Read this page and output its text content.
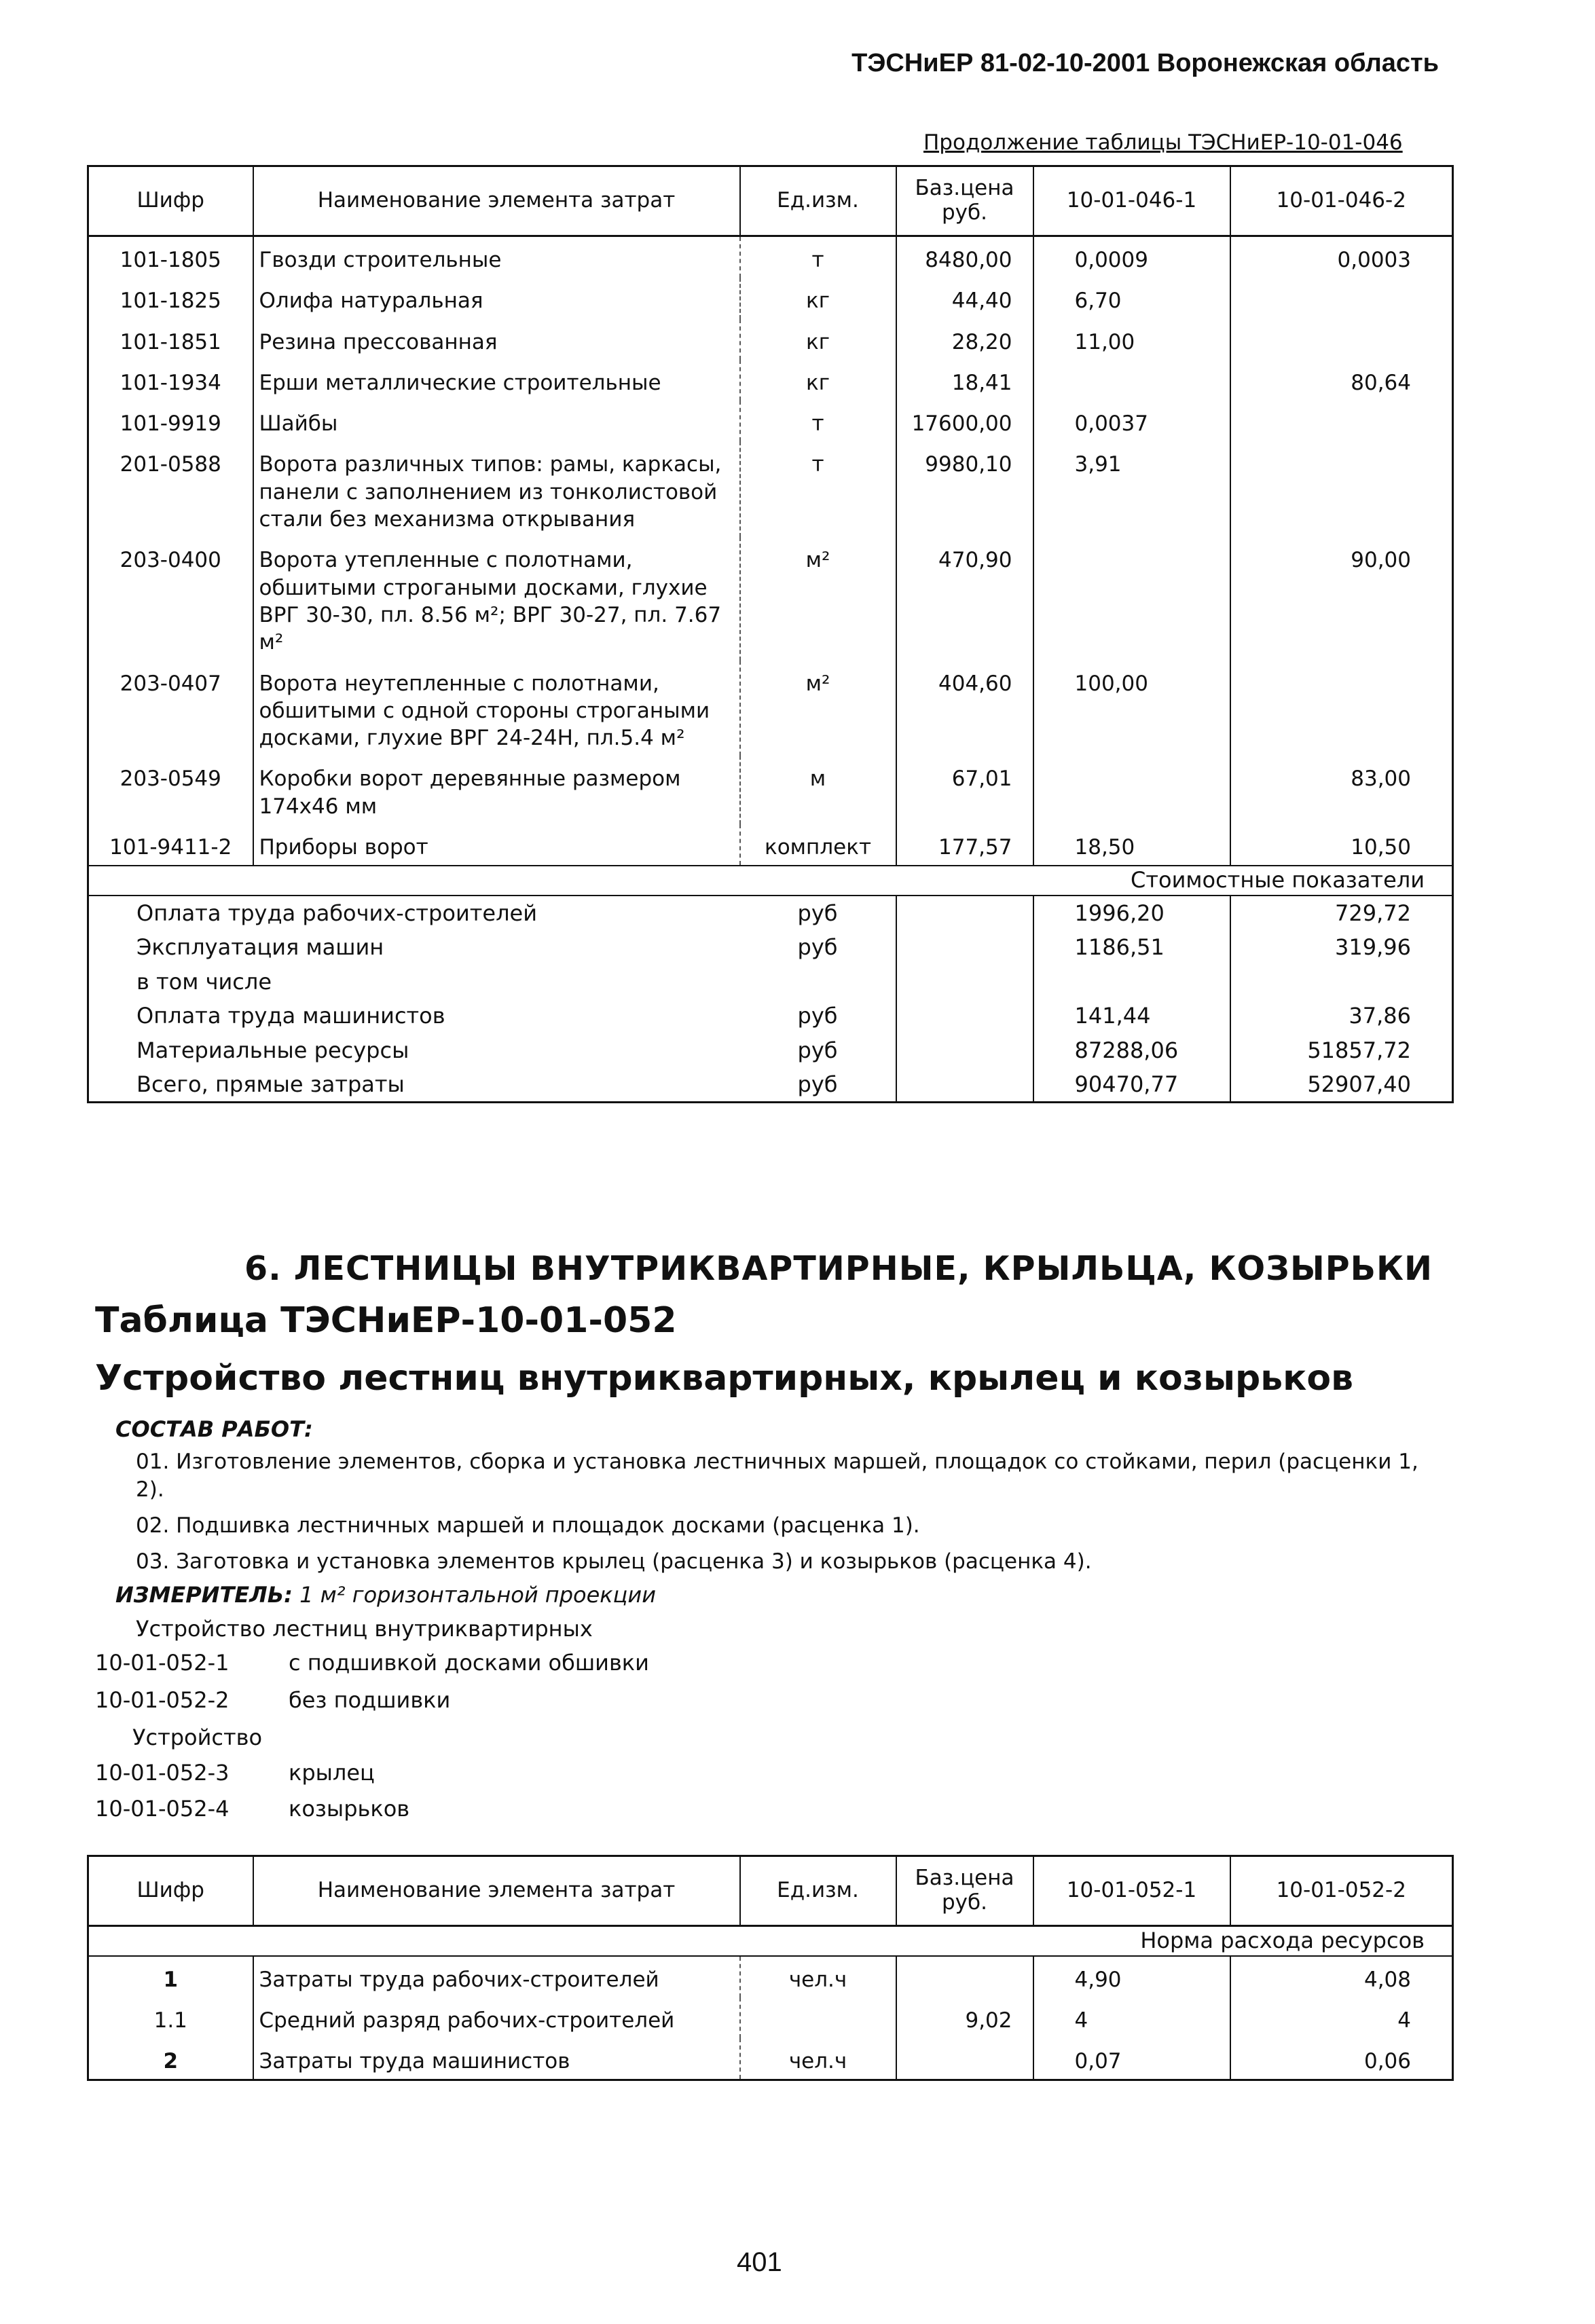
ТЭСНиЕР 81-02-10-2001 Воронежская область
Продолжение таблицы ТЭСНиЕР-10-01-046
Шифр	Наименование элемента затрат	Ед.изм.	Баз.цена руб.	10-01-046-1	10-01-046-2
101-1805	Гвозди строительные	т	8480,00	0,0009	0,0003
101-1825	Олифа натуральная	кг	44,40	6,70	
101-1851	Резина прессованная	кг	28,20	11,00	
101-1934	Ерши металлические строительные	кг	18,41		80,64
101-9919	Шайбы	т	17600,00	0,0037	
201-0588	Ворота различных типов: рамы, каркасы, панели с заполнением из тонколистовой стали без механизма открывания	т	9980,10	3,91	
203-0400	Ворота утепленные с полотнами, обшитыми строгаными досками, глухие ВРГ 30-30, пл. 8.56 м²; ВРГ 30-27, пл. 7.67 м²	м²	470,90		90,00
203-0407	Ворота неутепленные с полотнами, обшитыми с одной стороны строгаными досками, глухие ВРГ 24-24Н, пл.5.4 м²	м²	404,60	100,00	
203-0549	Коробки ворот деревянные размером 174х46 мм	м	67,01		83,00
101-9411-2	Приборы ворот	комплект	177,57	18,50	10,50
Стоимостные показатели					
Оплата труда рабочих-строителей		руб		1996,20	729,72
Эксплуатация машин		руб		1186,51	319,96
в том числе					
Оплата труда машинистов		руб		141,44	37,86
Материальные ресурсы		руб		87288,06	51857,72
Всего, прямые затраты		руб		90470,77	52907,40
6. ЛЕСТНИЦЫ ВНУТРИКВАРТИРНЫЕ, КРЫЛЬЦА, КОЗЫРЬКИ
Таблица ТЭСНиЕР-10-01-052
Устройство лестниц внутриквартирных, крылец и козырьков
СОСТАВ РАБОТ:

01. Изготовление элементов, сборка и установка лестничных маршей, площадок со стойками, перил (расценки 1, 2).

02. Подшивка лестничных маршей и площадок досками (расценка 1).

03. Заготовка и установка элементов крылец (расценка 3) и козырьков (расценка 4).

ИЗМЕРИТЕЛЬ: 1 м² горизонтальной проекции
Устройство лестниц внутриквартирных
10-01-052-1	с подшивкой досками обшивки
10-01-052-2	без подшивки
Устройство
10-01-052-3	крылец
10-01-052-4	козырьков
Шифр	Наименование элемента затрат	Ед.изм.	Баз.цена руб.	10-01-052-1	10-01-052-2
Норма расхода ресурсов					
1	Затраты труда рабочих-строителей	чел.ч		4,90	4,08
1.1	Средний разряд рабочих-строителей		9,02	4	4
2	Затраты труда машинистов	чел.ч		0,07	0,06
401
